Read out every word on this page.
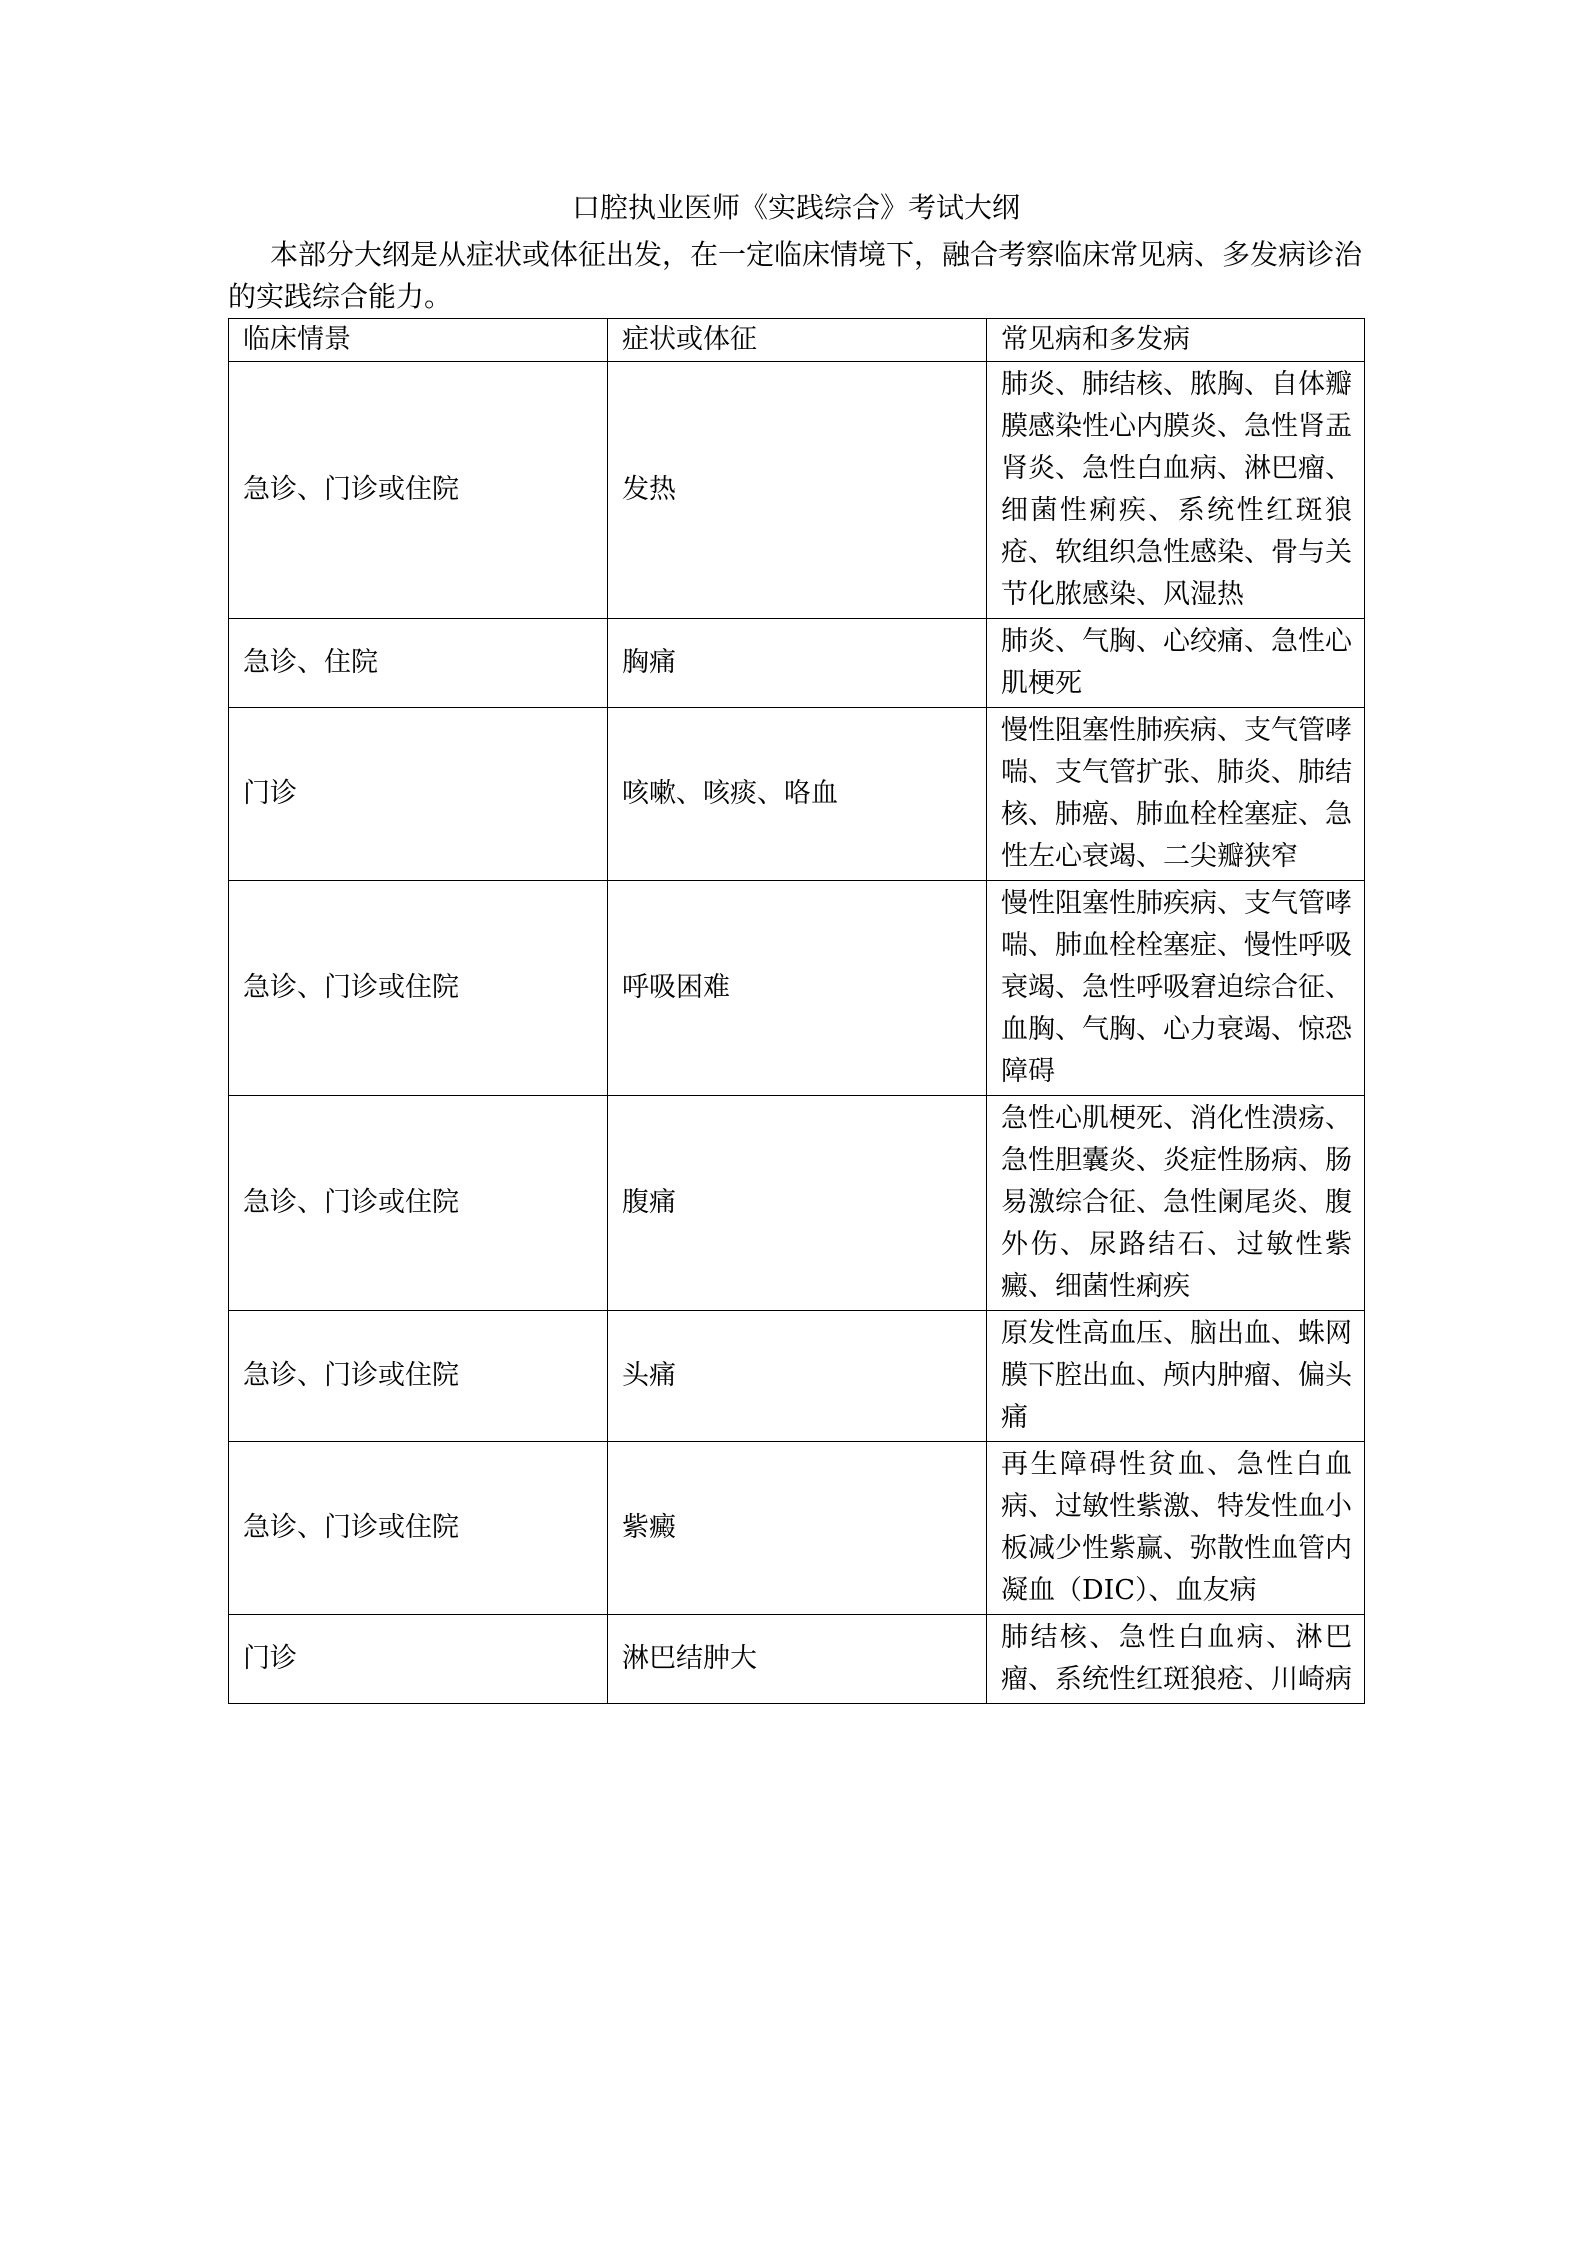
口腔执业医师《实践综合》考试大纲

本部分大纲是从症状或体征出发，在一定临床情境下，融合考察临床常见病、多发病诊治的实践综合能力。

临床情景	症状或体征	常见病和多发病
急诊、门诊或住院	发热	肺炎、肺结核、脓胸、自体瓣膜感染性心内膜炎、急性肾盂肾炎、急性白血病、淋巴瘤、细菌性痢疾、系统性红斑狼疮、软组织急性感染、骨与关节化脓感染、风湿热
急诊、住院	胸痛	肺炎、气胸、心绞痛、急性心肌梗死
门诊	咳嗽、咳痰、咯血	慢性阻塞性肺疾病、支气管哮喘、支气管扩张、肺炎、肺结核、肺癌、肺血栓栓塞症、急性左心衰竭、二尖瓣狭窄
急诊、门诊或住院	呼吸困难	慢性阻塞性肺疾病、支气管哮喘、肺血栓栓塞症、慢性呼吸衰竭、急性呼吸窘迫综合征、血胸、气胸、心力衰竭、惊恐障碍
急诊、门诊或住院	腹痛	急性心肌梗死、消化性溃疡、急性胆囊炎、炎症性肠病、肠易激综合征、急性阑尾炎、腹外伤、尿路结石、过敏性紫癜、细菌性痢疾
急诊、门诊或住院	头痛	原发性高血压、脑出血、蛛网膜下腔出血、颅内肿瘤、偏头痛
急诊、门诊或住院	紫癜	再生障碍性贫血、急性白血病、过敏性紫激、特发性血小板减少性紫赢、弥散性血管内凝血（DIC）、血友病
门诊	淋巴结肿大	肺结核、急性白血病、淋巴瘤、系统性红斑狼疮、川崎病
